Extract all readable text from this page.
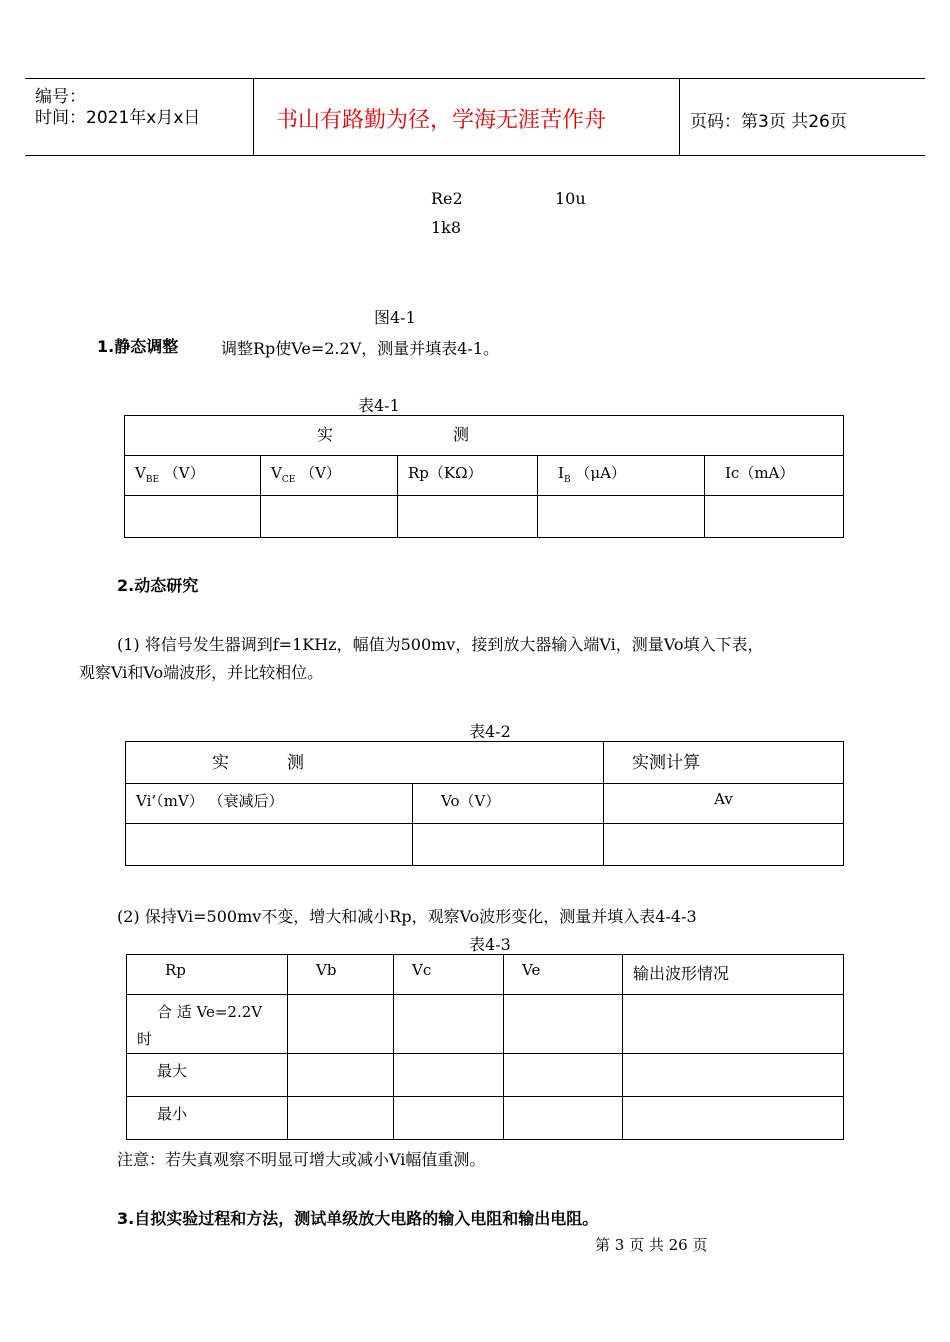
编号：
时间：2021年x月x日	书山有路勤为径，学海无涯苦作舟	页码：第3页 共26页
Re2	10u
1k8
图4-1
1.静态调整	调整Rp使Ve=2.2V，测量并填表4-1。
表4-1
实 测				

$V_{BE}$ （V）	$V_{CE}$ （V）	Rp（KΩ）	$I_B$ （μA）	Ic（mA）

2.动态研究
(1) 将信号发生器调到f=1KHz，幅值为500mv，接到放大器输入端Vi，测量Vo填入下表，
观察Vi和Vo端波形，并比较相位。
表4-2
实 测		实测计算

Vi’（mV） （衰减后）	Vo（V）	Av

(2) 保持Vi=500mv不变，增大和减小Rp，观察Vo波形变化，测量并填入表4-4-3
表4-3
Rp	Vb	Vc	Ve	输出波形情况

合 适 Ve=2.2V
时				

最大				

最小				

注意：若失真观察不明显可增大或减小Vi幅值重测。
3.自拟实验过程和方法，测试单级放大电路的输入电阻和输出电阻。
第 3 页 共 26 页
